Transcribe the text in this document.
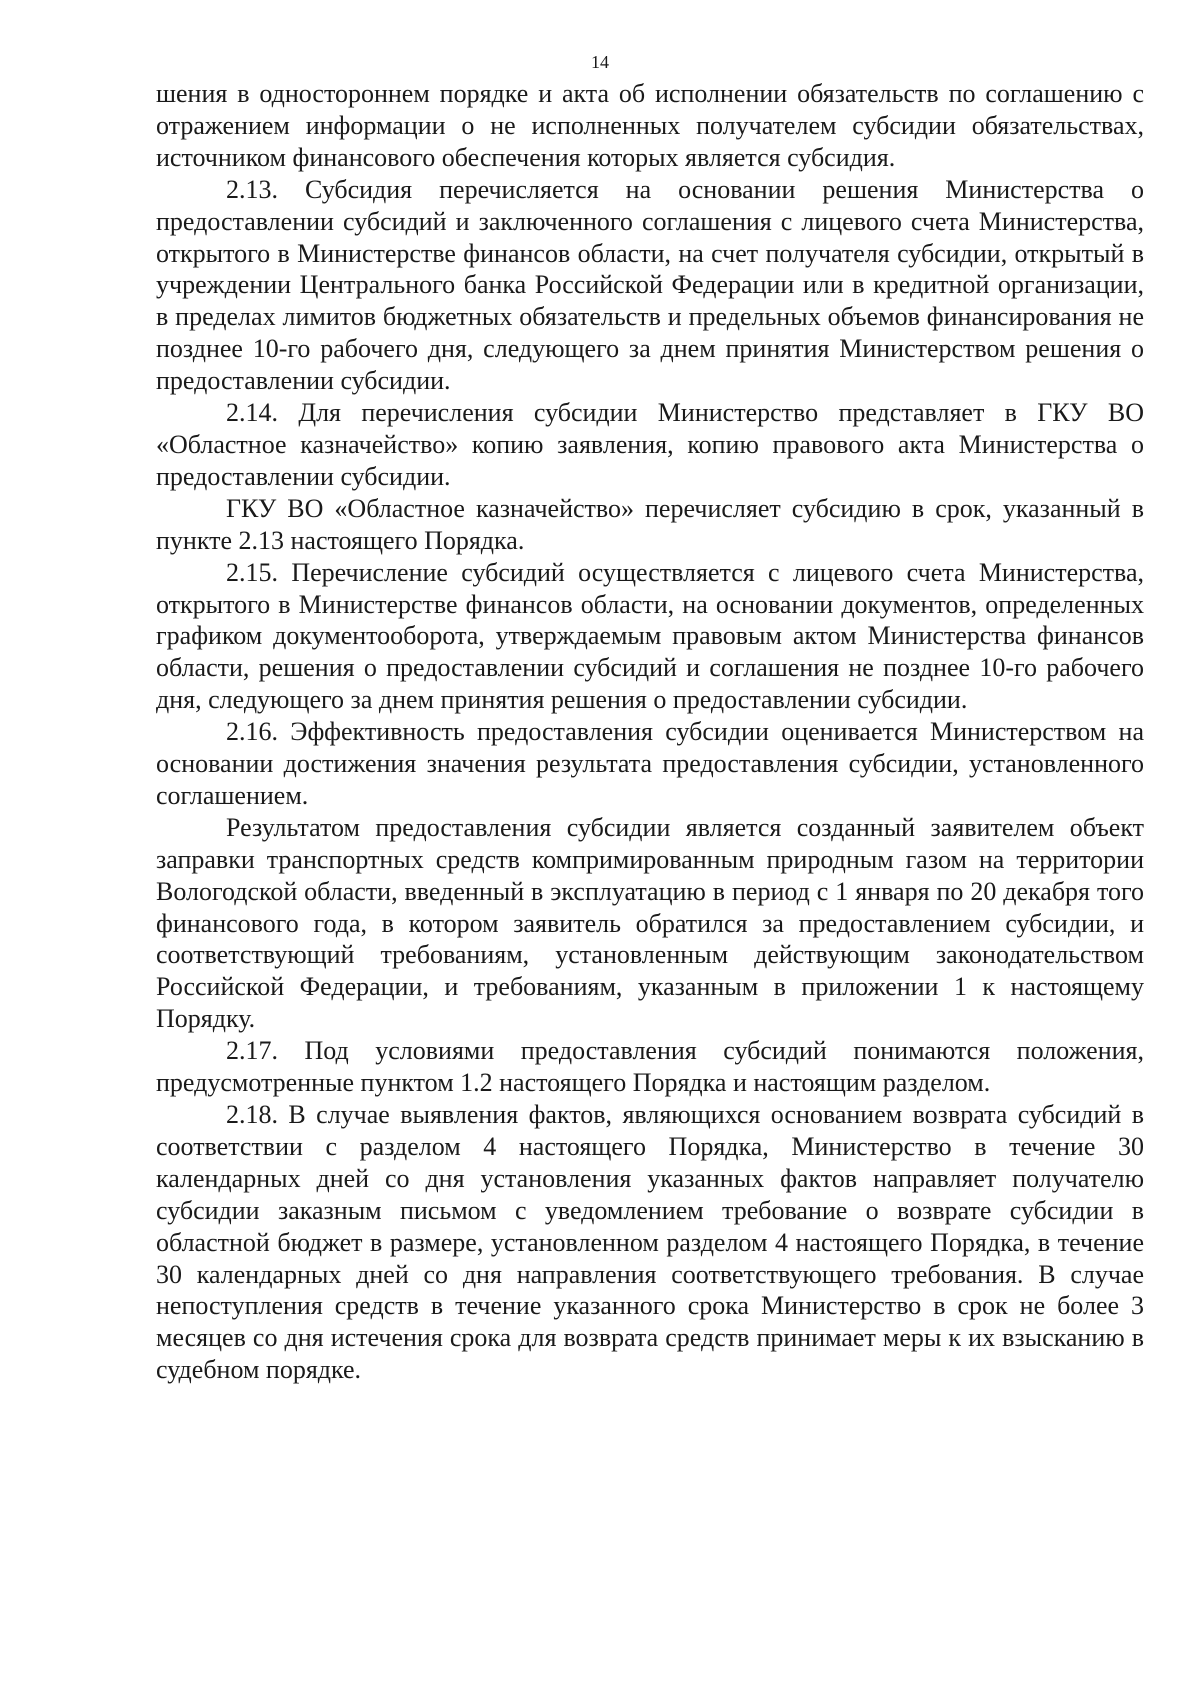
14

шения в одностороннем порядке и акта об исполнении обязательств по соглашению с отражением информации о не исполненных получателем субсидии обязательствах, источником финансового обеспечения которых является субсидия.

2.13. Субсидия перечисляется на основании решения Министерства о предоставлении субсидий и заключенного соглашения с лицевого счета Министерства, открытого в Министерстве финансов области, на счет получателя субсидии, открытый в учреждении Центрального банка Российской Федерации или в кредитной организации, в пределах лимитов бюджетных обязательств и предельных объемов финансирования не позднее 10-го рабочего дня, следующего за днем принятия Министерством решения о предоставлении субсидии.

2.14. Для перечисления субсидии Министерство представляет в ГКУ ВО «Областное казначейство» копию заявления, копию правового акта Министерства о предоставлении субсидии.

ГКУ ВО «Областное казначейство» перечисляет субсидию в срок, указанный в пункте 2.13 настоящего Порядка.

2.15. Перечисление субсидий осуществляется с лицевого счета Министерства, открытого в Министерстве финансов области, на основании документов, определенных графиком документооборота, утверждаемым правовым актом Министерства финансов области, решения о предоставлении субсидий и соглашения не позднее 10-го рабочего дня, следующего за днем принятия решения о предоставлении субсидии.

2.16. Эффективность предоставления субсидии оценивается Министерством на основании достижения значения результата предоставления субсидии, установленного соглашением.

Результатом предоставления субсидии является созданный заявителем объект заправки транспортных средств компримированным природным газом на территории Вологодской области, введенный в эксплуатацию в период с 1 января по 20 декабря того финансового года, в котором заявитель обратился за предоставлением субсидии, и соответствующий требованиям, установленным действующим законодательством Российской Федерации, и требованиям, указанным в приложении 1 к настоящему Порядку.

2.17. Под условиями предоставления субсидий понимаются положения, предусмотренные пунктом 1.2 настоящего Порядка и настоящим разделом.

2.18. В случае выявления фактов, являющихся основанием возврата субсидий в соответствии с разделом 4 настоящего Порядка, Министерство в течение 30 календарных дней со дня установления указанных фактов направляет получателю субсидии заказным письмом с уведомлением требование о возврате субсидии в областной бюджет в размере, установленном разделом 4 настоящего Порядка, в течение 30 календарных дней со дня направления соответствующего требования. В случае непоступления средств в течение указанного срока Министерство в срок не более 3 месяцев со дня истечения срока для возврата средств принимает меры к их взысканию в судебном порядке.
